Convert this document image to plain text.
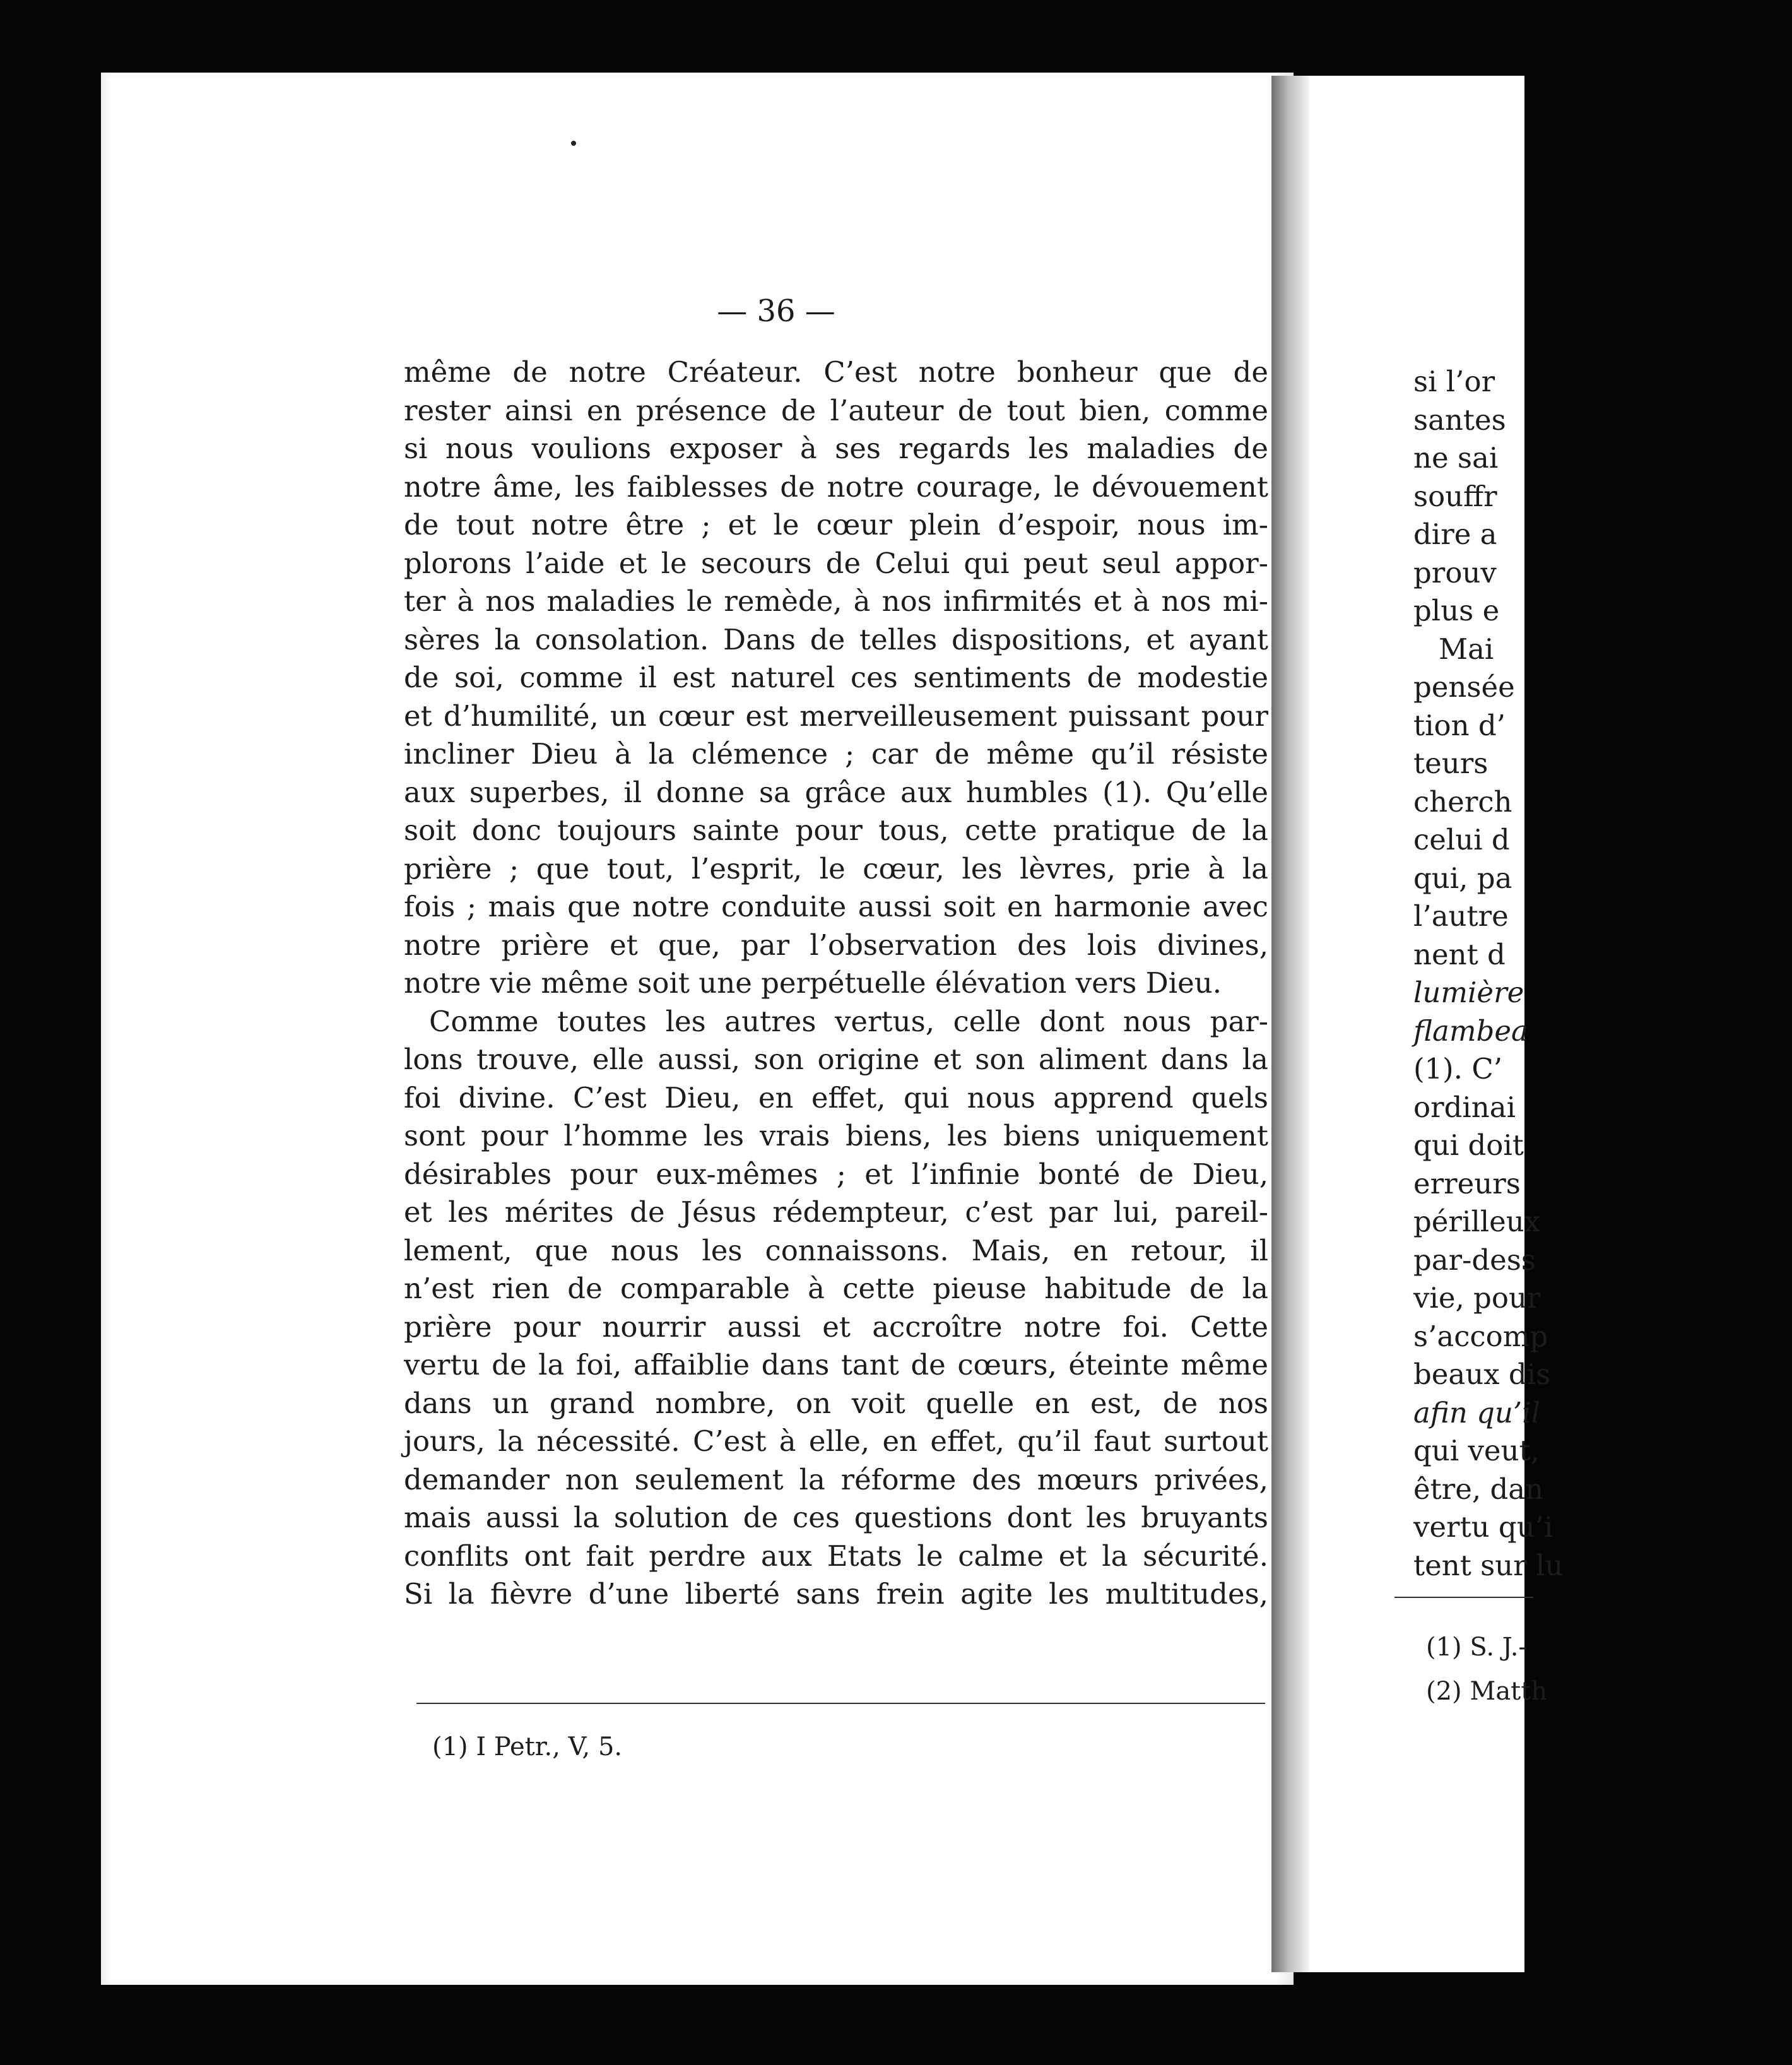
— 36 —
même de notre Créateur. C’est notre bonheur que de
rester ainsi en présence de l’auteur de tout bien, comme
si nous voulions exposer à ses regards les maladies de
notre âme, les faiblesses de notre courage, le dévouement
de tout notre être ; et le cœur plein d’espoir, nous im-
plorons l’aide et le secours de Celui qui peut seul appor-
ter à nos maladies le remède, à nos infirmités et à nos mi-
sères la consolation. Dans de telles dispositions, et ayant
de soi, comme il est naturel ces sentiments de modestie
et d’humilité, un cœur est merveilleusement puissant pour
incliner Dieu à la clémence ; car de même qu’il résiste
aux superbes, il donne sa grâce aux humbles (1). Qu’elle
soit donc toujours sainte pour tous, cette pratique de la
prière ; que tout, l’esprit, le cœur, les lèvres, prie à la
fois ; mais que notre conduite aussi soit en harmonie avec
notre prière et que, par l’observation des lois divines,
notre vie même soit une perpétuelle élévation vers Dieu.
Comme toutes les autres vertus, celle dont nous par-
lons trouve, elle aussi, son origine et son aliment dans la
foi divine. C’est Dieu, en effet, qui nous apprend quels
sont pour l’homme les vrais biens, les biens uniquement
désirables pour eux-mêmes ; et l’infinie bonté de Dieu,
et les mérites de Jésus rédempteur, c’est par lui, pareil-
lement, que nous les connaissons. Mais, en retour, il
n’est rien de comparable à cette pieuse habitude de la
prière pour nourrir aussi et accroître notre foi. Cette
vertu de la foi, affaiblie dans tant de cœurs, éteinte même
dans un grand nombre, on voit quelle en est, de nos
jours, la nécessité. C’est à elle, en effet, qu’il faut surtout
demander non seulement la réforme des mœurs privées,
mais aussi la solution de ces questions dont les bruyants
conflits ont fait perdre aux Etats le calme et la sécurité.
Si la fièvre d’une liberté sans frein agite les multitudes,
(1) I Petr., V, 5.
si l’or
santes
ne sai
souffr
dire a
prouv
plus e
Mai
pensée
tion d’
teurs
cherch
celui d
qui, pa
l’autre
nent d
lumière
flambea
(1). C’
ordinai
qui doit
erreurs
périlleux
par-dess
vie, pour
s’accomp
beaux dis
afin qu’il
qui veut,
être, dan
vertu qu’i
tent sur lu
(1) S. J.-
(2) Matth
